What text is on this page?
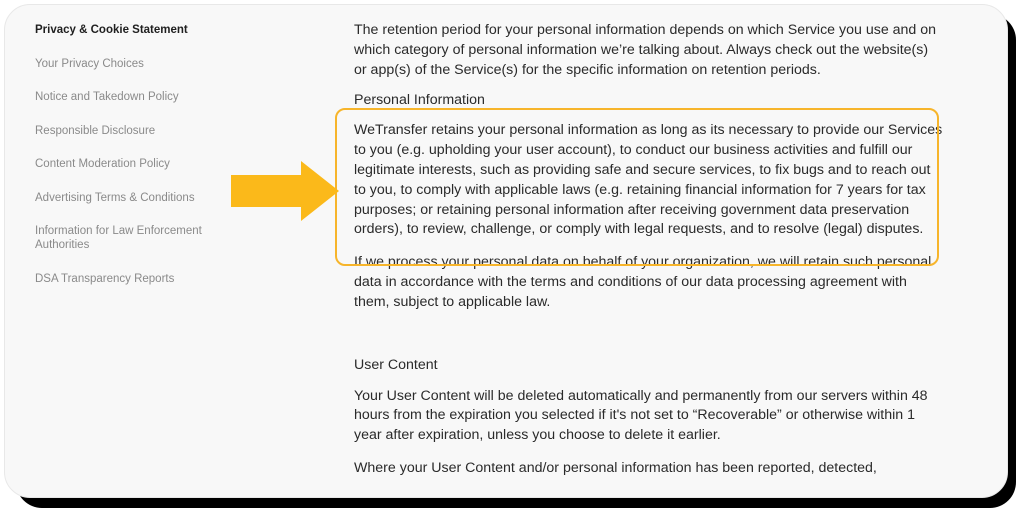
Privacy & Cookie Statement
Your Privacy Choices
Notice and Takedown Policy
Responsible Disclosure
Content Moderation Policy
Advertising Terms & Conditions
Information for Law Enforcement Authorities
DSA Transparency Reports

The retention period for your personal information depends on which Service you use and on which category of personal information we’re talking about. Always check out the website(s) or app(s) of the Service(s) for the specific information on retention periods.

Personal Information

WeTransfer retains your personal information as long as its necessary to provide our Services to you (e.g. upholding your user account), to conduct our business activities and fulfill our legitimate interests, such as providing safe and secure services, to fix bugs and to reach out to you, to comply with applicable laws (e.g. retaining financial information for 7 years for tax purposes; or retaining personal information after receiving government data preservation orders), to review, challenge, or comply with legal requests, and to resolve (legal) disputes.

If we process your personal data on behalf of your organization, we will retain such personal data in accordance with the terms and conditions of our data processing agreement with them, subject to applicable law.

User Content

Your User Content will be deleted automatically and permanently from our servers within 48 hours from the expiration you selected if it's not set to “Recoverable” or otherwise within 1 year after expiration, unless you choose to delete it earlier.

Where your User Content and/or personal information has been reported, detected,
